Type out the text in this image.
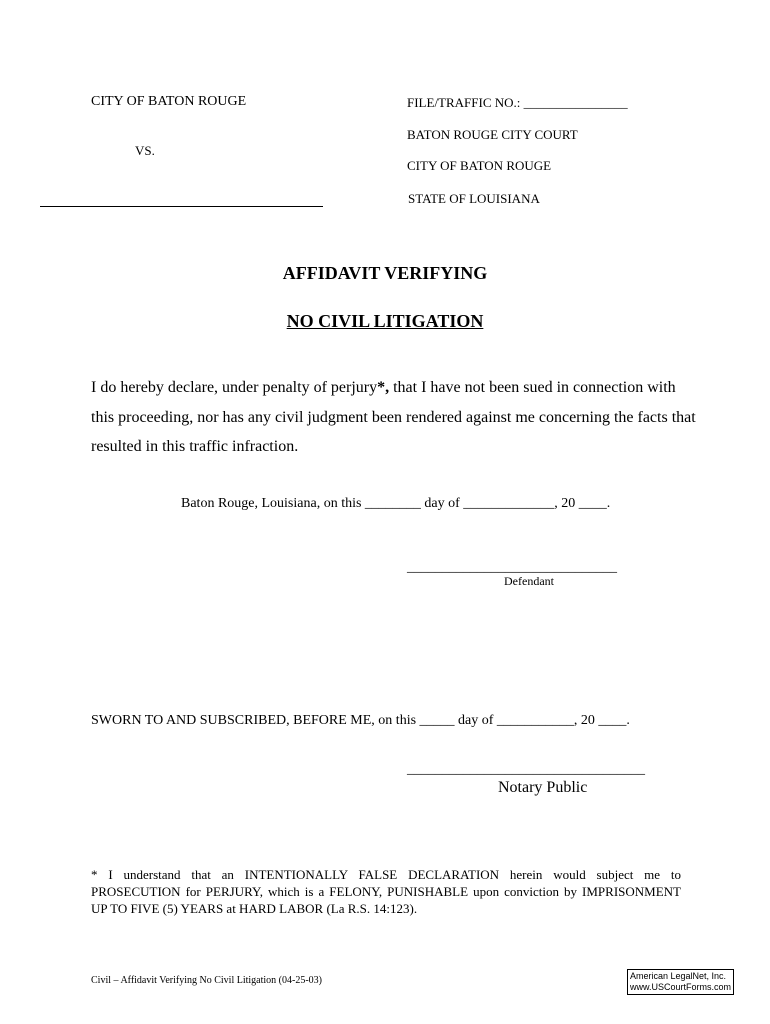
CITY OF BATON ROUGE
VS.
FILE/TRAFFIC NO.: ________________
BATON ROUGE CITY COURT
CITY OF BATON ROUGE
STATE OF LOUISIANA
AFFIDAVIT VERIFYING
NO CIVIL LITIGATION
I do hereby declare, under penalty of perjury*, that I have not been sued in connection with this proceeding, nor has any civil judgment been rendered against me concerning the facts that resulted in this traffic infraction.
Baton Rouge, Louisiana, on this ________ day of _____________, 20 ____.
______________________________
Defendant
SWORN TO AND SUBSCRIBED, BEFORE ME, on this _____ day of ___________, 20 ____.
__________________________________
Notary Public
* I understand that an INTENTIONALLY FALSE DECLARATION herein would subject me to PROSECUTION for PERJURY, which is a FELONY, PUNISHABLE upon conviction by IMPRISONMENT UP TO FIVE (5) YEARS at HARD LABOR (La R.S. 14:123).
Civil – Affidavit Verifying No Civil Litigation (04-25-03)	American LegalNet, Inc.
www.USCourtForms.com
